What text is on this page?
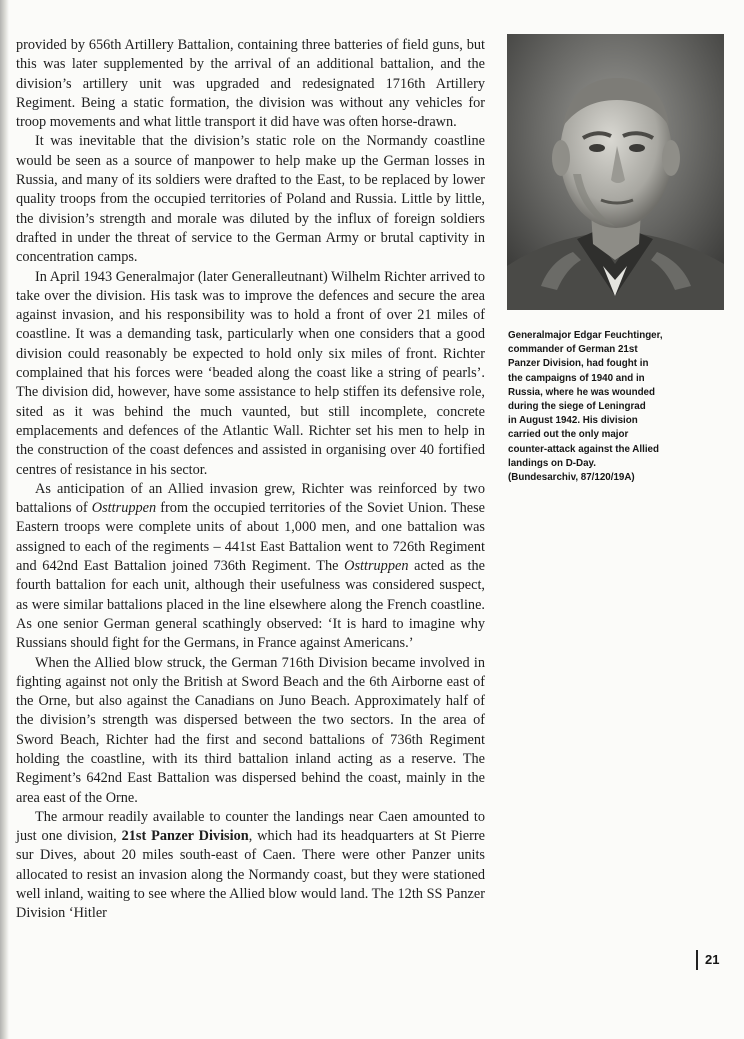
provided by 656th Artillery Battalion, containing three batteries of field guns, but this was later supplemented by the arrival of an additional battalion, and the division’s artillery unit was upgraded and redesignated 1716th Artillery Regiment. Being a static formation, the division was without any vehicles for troop movements and what little transport it did have was often horse-drawn.

It was inevitable that the division’s static role on the Normandy coastline would be seen as a source of manpower to help make up the German losses in Russia, and many of its soldiers were drafted to the East, to be replaced by lower quality troops from the occupied territories of Poland and Russia. Little by little, the division’s strength and morale was diluted by the influx of foreign soldiers drafted in under the threat of service to the German Army or brutal captivity in concentration camps.

In April 1943 Generalmajor (later Generalleutnant) Wilhelm Richter arrived to take over the division. His task was to improve the defences and secure the area against invasion, and his responsibility was to hold a front of over 21 miles of coastline. It was a demanding task, particularly when one considers that a good division could reasonably be expected to hold only six miles of front. Richter complained that his forces were ‘beaded along the coast like a string of pearls’. The division did, however, have some assistance to help stiffen its defensive role, sited as it was behind the much vaunted, but still incomplete, concrete emplacements and defences of the Atlantic Wall. Richter set his men to help in the construction of the coast defences and assisted in organising over 40 fortified centres of resistance in his sector.

As anticipation of an Allied invasion grew, Richter was reinforced by two battalions of Osttruppen from the occupied territories of the Soviet Union. These Eastern troops were complete units of about 1,000 men, and one battalion was assigned to each of the regiments – 441st East Battalion went to 726th Regiment and 642nd East Battalion joined 736th Regiment. The Osttruppen acted as the fourth battalion for each unit, although their usefulness was considered suspect, as were similar battalions placed in the line elsewhere along the French coastline. As one senior German general scathingly observed: ‘It is hard to imagine why Russians should fight for the Germans, in France against Americans.’

When the Allied blow struck, the German 716th Division became involved in fighting against not only the British at Sword Beach and the 6th Airborne east of the Orne, but also against the Canadians on Juno Beach. Approximately half of the division’s strength was dispersed between the two sectors. In the area of Sword Beach, Richter had the first and second battalions of 736th Regiment holding the coastline, with its third battalion inland acting as a reserve. The Regiment’s 642nd East Battalion was dispersed behind the coast, mainly in the area east of the Orne.

The armour readily available to counter the landings near Caen amounted to just one division, 21st Panzer Division, which had its headquarters at St Pierre sur Dives, about 20 miles south-east of Caen. There were other Panzer units allocated to resist an invasion along the Normandy coast, but they were stationed well inland, waiting to see where the Allied blow would land. The 12th SS Panzer Division ‘Hitler

Generalmajor Edgar Feuchtinger,
commander of German 21st
Panzer Division, had fought in
the campaigns of 1940 and in
Russia, where he was wounded
during the siege of Leningrad
in August 1942. His division
carried out the only major
counter-attack against the Allied
landings on D-Day.
(Bundesarchiv, 87/120/19A)
21
